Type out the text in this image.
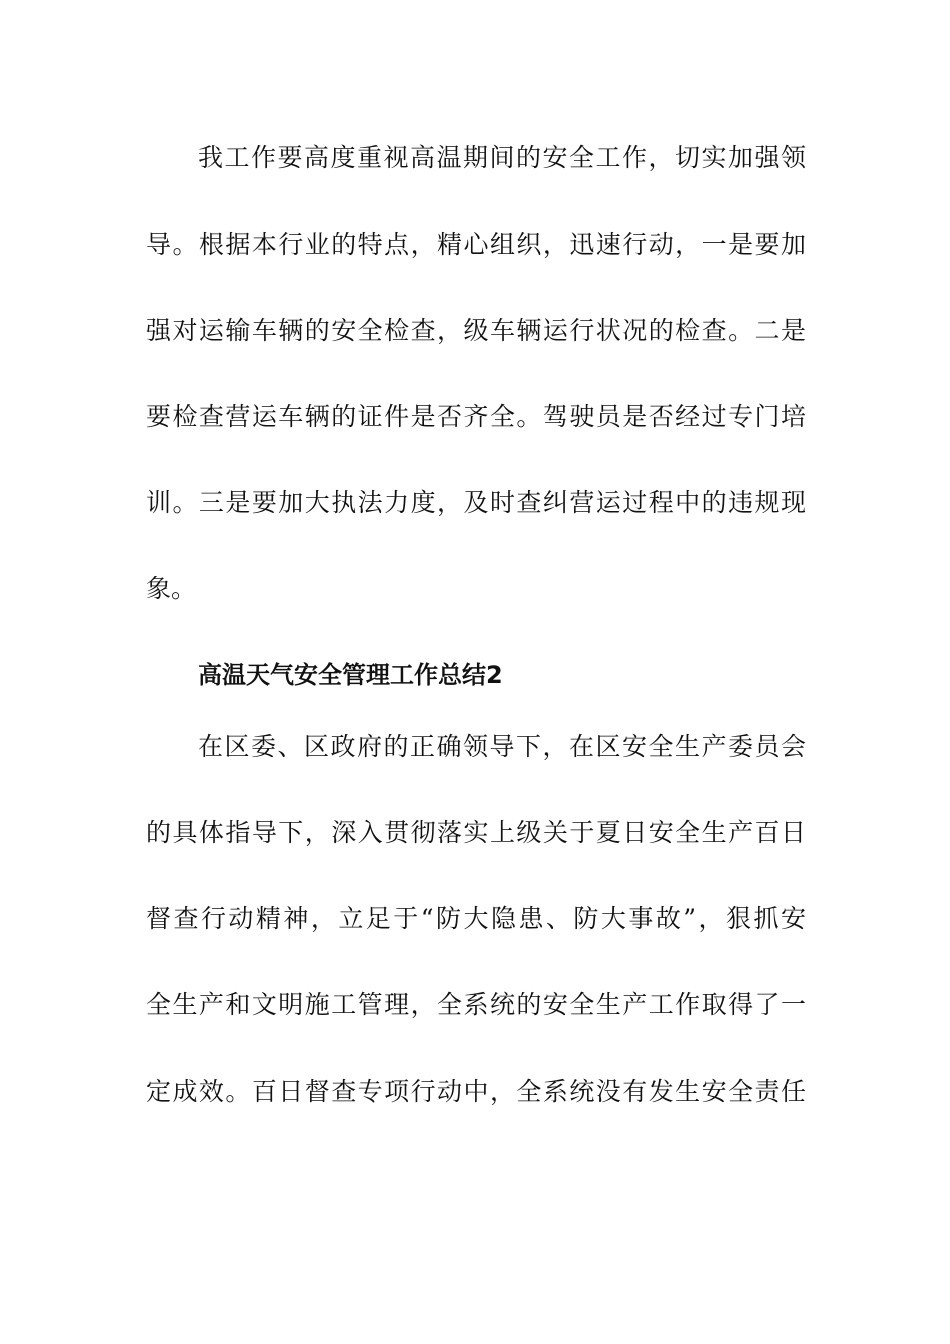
我工作要高度重视高温期间的安全工作，切实加强领
导。根据本行业的特点，精心组织，迅速行动，一是要加
强对运输车辆的安全检查，级车辆运行状况的检查。二是
要检查营运车辆的证件是否齐全。驾驶员是否经过专门培
训。三是要加大执法力度，及时查纠营运过程中的违规现
象。
高温天气安全管理工作总结2
在区委、区政府的正确领导下，在区安全生产委员会
的具体指导下，深入贯彻落实上级关于夏日安全生产百日
督查行动精神，立足于“防大隐患、防大事故”，狠抓安
全生产和文明施工管理，全系统的安全生产工作取得了一
定成效。百日督查专项行动中，全系统没有发生安全责任
